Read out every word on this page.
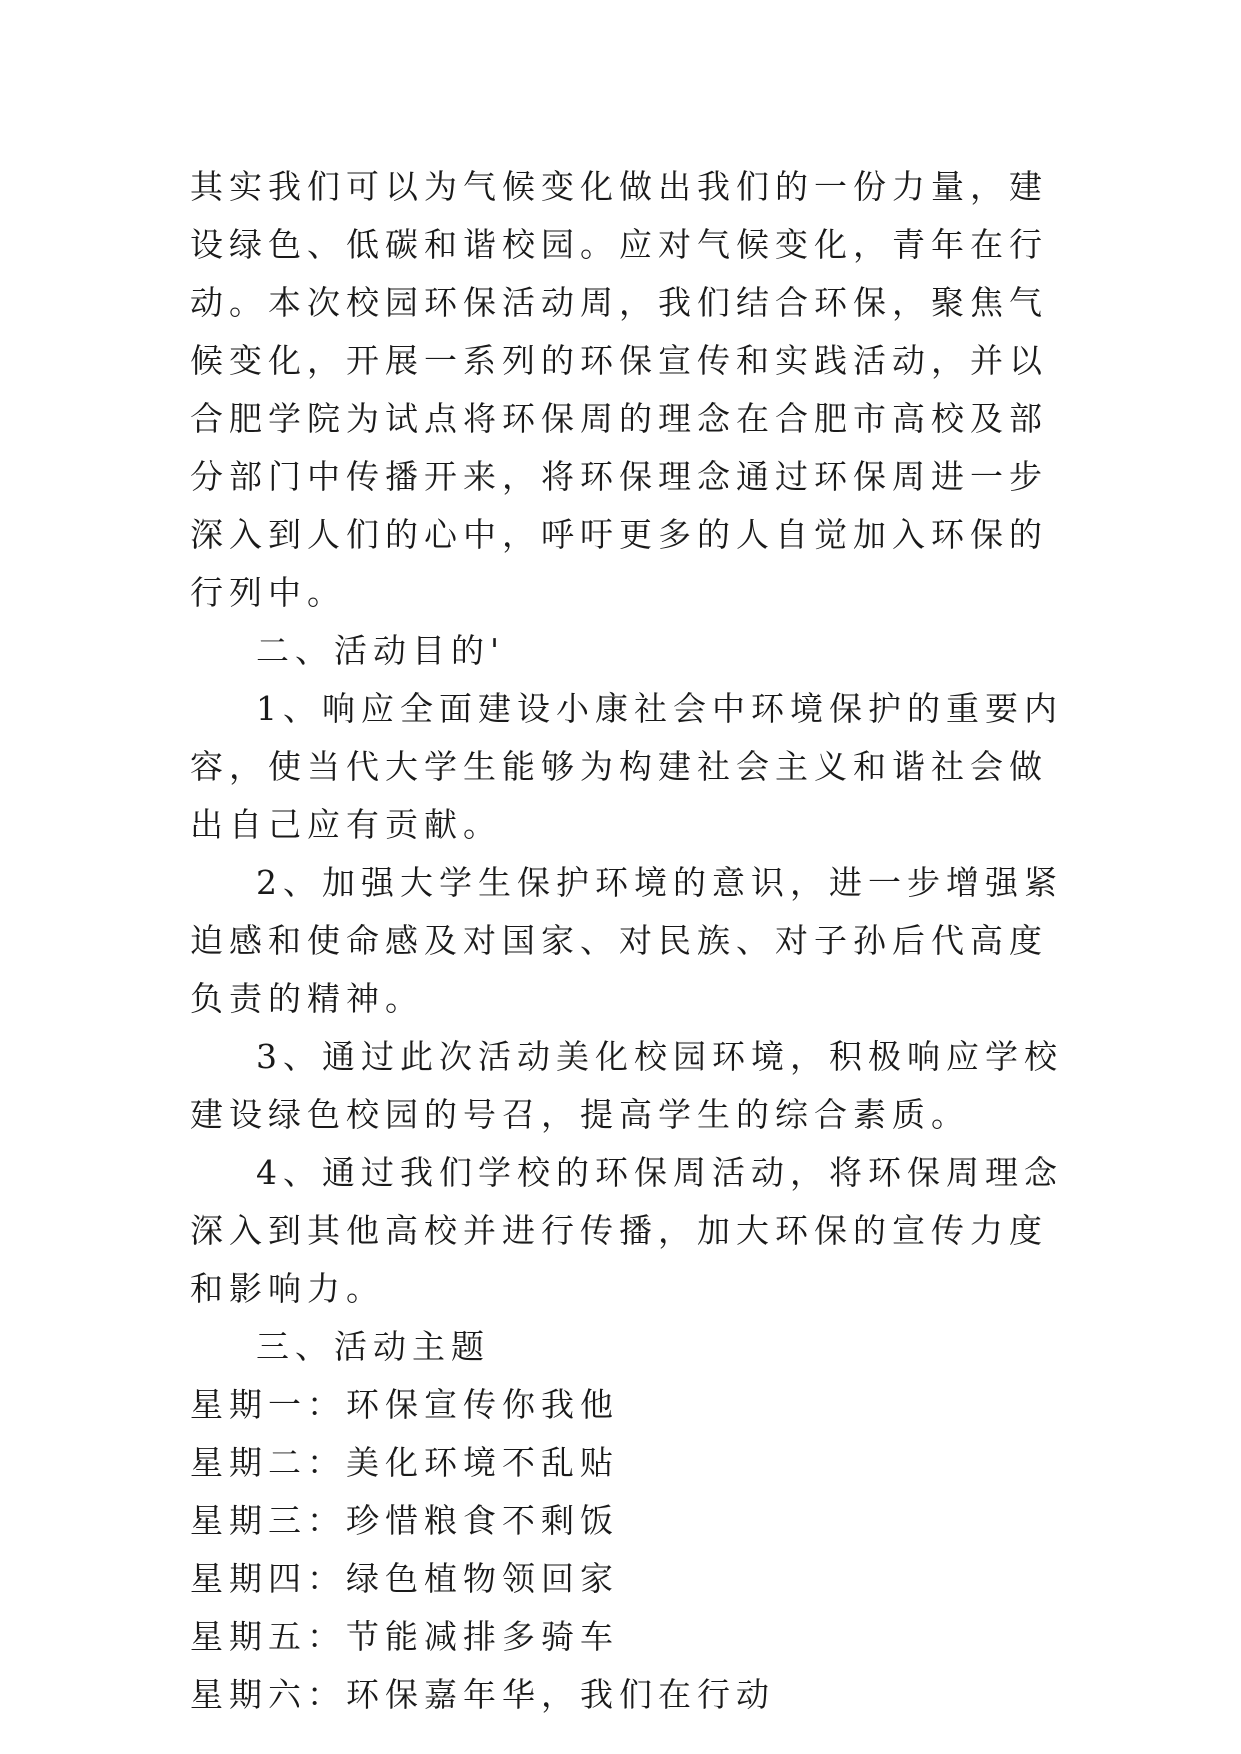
其实我们可以为气候变化做出我们的一份力量，建设绿色、低碳和谐校园。应对气候变化，青年在行动。本次校园环保活动周，我们结合环保，聚焦气候变化，开展一系列的环保宣传和实践活动，并以合肥学院为试点将环保周的理念在合肥市高校及部分部门中传播开来，将环保理念通过环保周进一步深入到人们的心中，呼吁更多的人自觉加入环保的行列中。

二、活动目的'

1、响应全面建设小康社会中环境保护的重要内容，使当代大学生能够为构建社会主义和谐社会做出自己应有贡献。

2、加强大学生保护环境的意识，进一步增强紧迫感和使命感及对国家、对民族、对子孙后代高度负责的精神。

3、通过此次活动美化校园环境，积极响应学校建设绿色校园的号召，提高学生的综合素质。

4、通过我们学校的环保周活动，将环保周理念深入到其他高校并进行传播，加大环保的宣传力度和影响力。

三、活动主题

星期一：环保宣传你我他

星期二：美化环境不乱贴

星期三：珍惜粮食不剩饭

星期四：绿色植物领回家

星期五：节能减排多骑车

星期六：环保嘉年华，我们在行动
